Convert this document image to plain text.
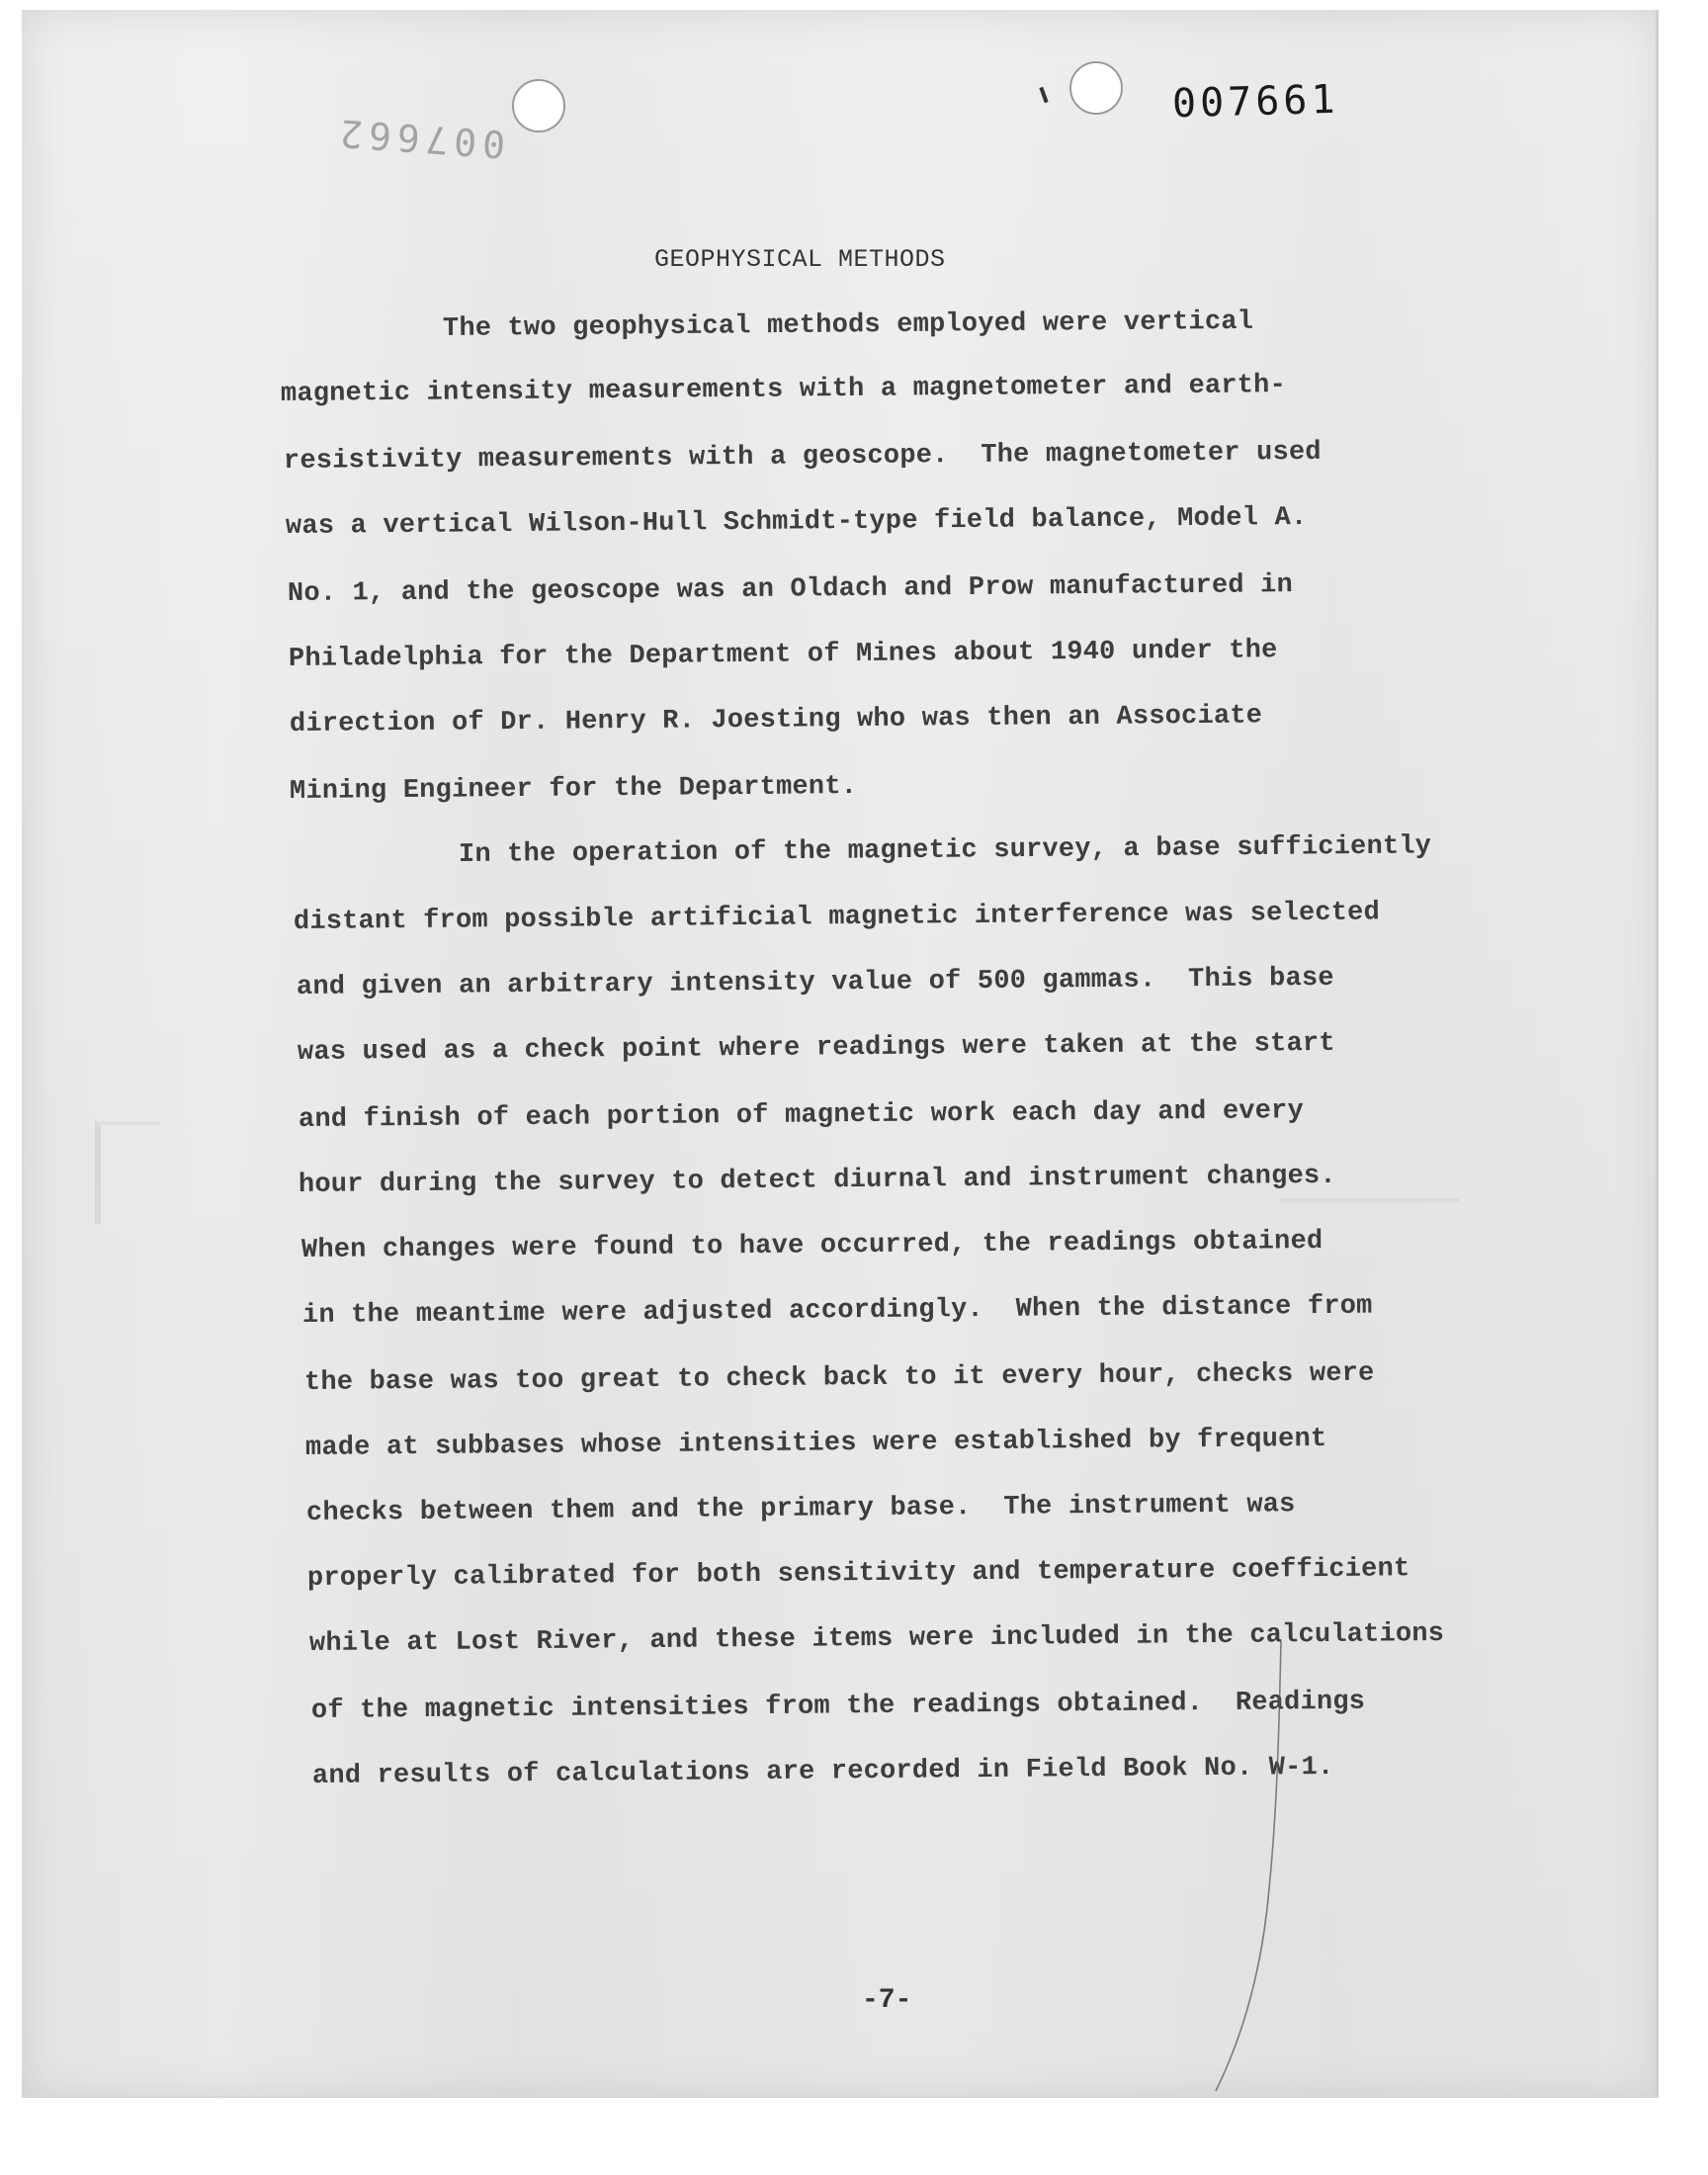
007661
007662
GEOPHYSICAL METHODS
The two geophysical methods employed were vertical
magnetic intensity measurements with a magnetometer and earth-
resistivity measurements with a geoscope.  The magnetometer used
was a vertical Wilson-Hull Schmidt-type field balance, Model A.
No. 1, and the geoscope was an Oldach and Prow manufactured in
Philadelphia for the Department of Mines about 1940 under the
direction of Dr. Henry R. Joesting who was then an Associate
Mining Engineer for the Department.
In the operation of the magnetic survey, a base sufficiently
distant from possible artificial magnetic interference was selected
and given an arbitrary intensity value of 500 gammas.  This base
was used as a check point where readings were taken at the start
and finish of each portion of magnetic work each day and every
hour during the survey to detect diurnal and instrument changes.
When changes were found to have occurred, the readings obtained
in the meantime were adjusted accordingly.  When the distance from
the base was too great to check back to it every hour, checks were
made at subbases whose intensities were established by frequent
checks between them and the primary base.  The instrument was
properly calibrated for both sensitivity and temperature coefficient
while at Lost River, and these items were included in the calculations
of the magnetic intensities from the readings obtained.  Readings
and results of calculations are recorded in Field Book No. W-1.
-7-
